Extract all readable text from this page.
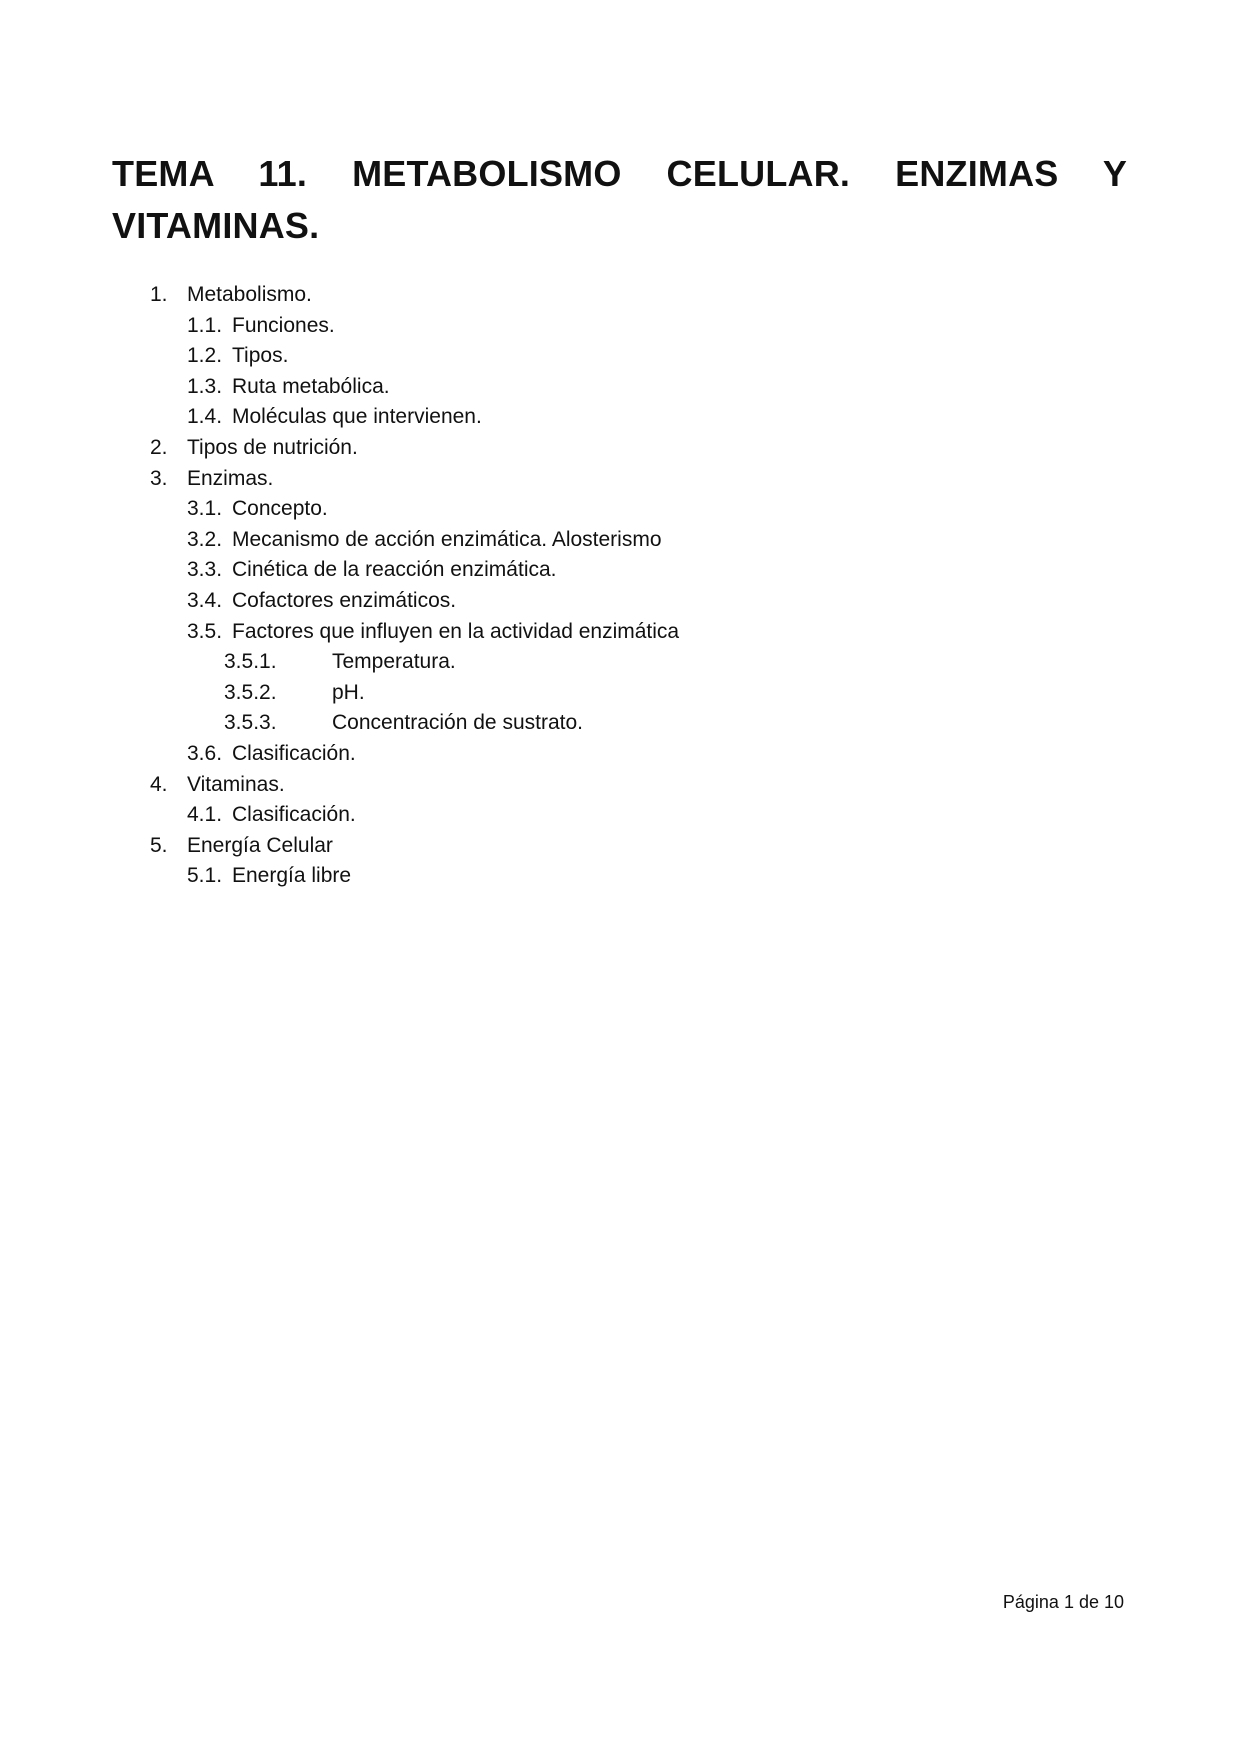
TEMA 11. METABOLISMO CELULAR. ENZIMAS Y
VITAMINAS.
1. Metabolismo.
1.1. Funciones.
1.2. Tipos.
1.3. Ruta metabólica.
1.4. Moléculas que intervienen.
2. Tipos de nutrición.
3. Enzimas.
3.1. Concepto.
3.2. Mecanismo de acción enzimática. Alosterismo
3.3. Cinética de la reacción enzimática.
3.4. Cofactores enzimáticos.
3.5. Factores que influyen en la actividad enzimática
3.5.1.	Temperatura.
3.5.2.	pH.
3.5.3.	Concentración de sustrato.
3.6. Clasificación.
4. Vitaminas.
4.1. Clasificación.
5. Energía Celular
5.1. Energía libre
Página 1 de 10
